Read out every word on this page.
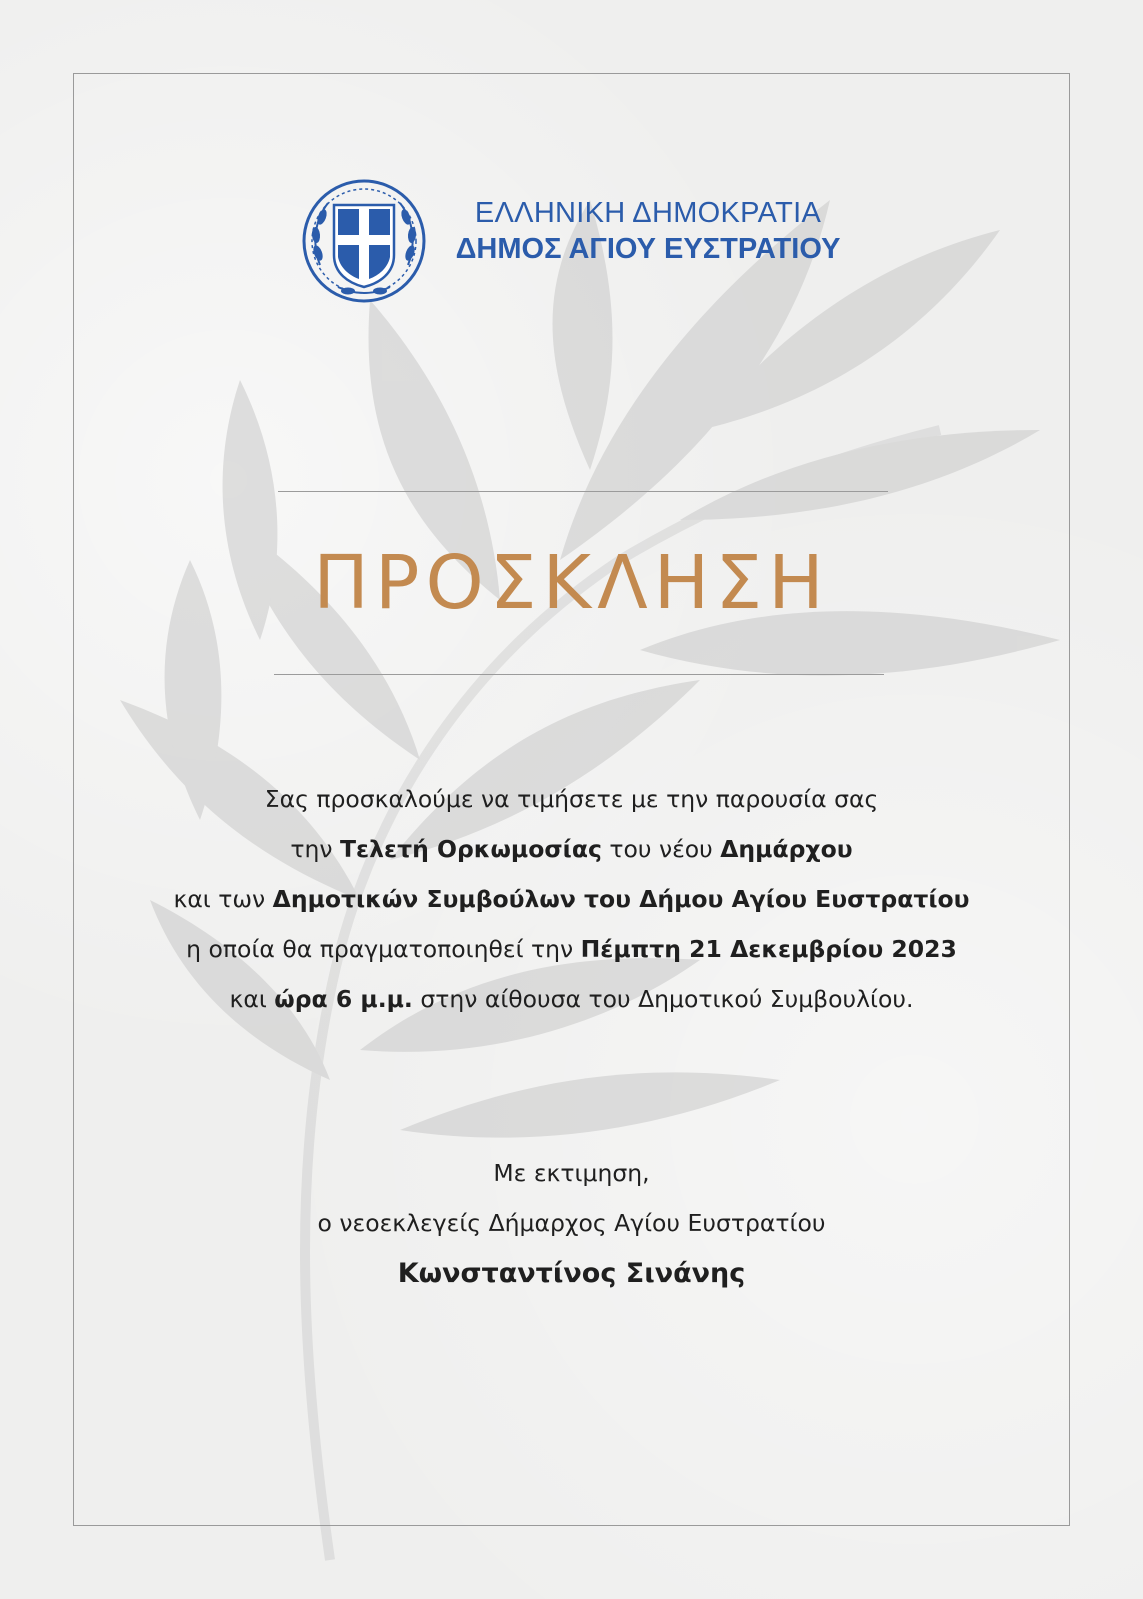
ΕΛΛΗΝΙΚΗ ΔΗΜΟΚΡΑΤΙΑ
ΔΗΜΟΣ ΑΓΙΟΥ ΕΥΣΤΡΑΤΙΟΥ
ΠΡΟΣΚΛΗΣΗ
Σας προσκαλούμε να τιμήσετε με την παρουσία σας
την Τελετή Ορκωμοσίας του νέου Δημάρχου
και των Δημοτικών Συμβούλων του Δήμου Αγίου Ευστρατίου
η οποία θα πραγματοποιηθεί την Πέμπτη 21 Δεκεμβρίου 2023
και ώρα 6 μ.μ. στην αίθουσα του Δημοτικού Συμβουλίου.
Με εκτιμηση,
ο νεοεκλεγείς Δήμαρχος Αγίου Ευστρατίου
Κωνσταντίνος Σινάνης
